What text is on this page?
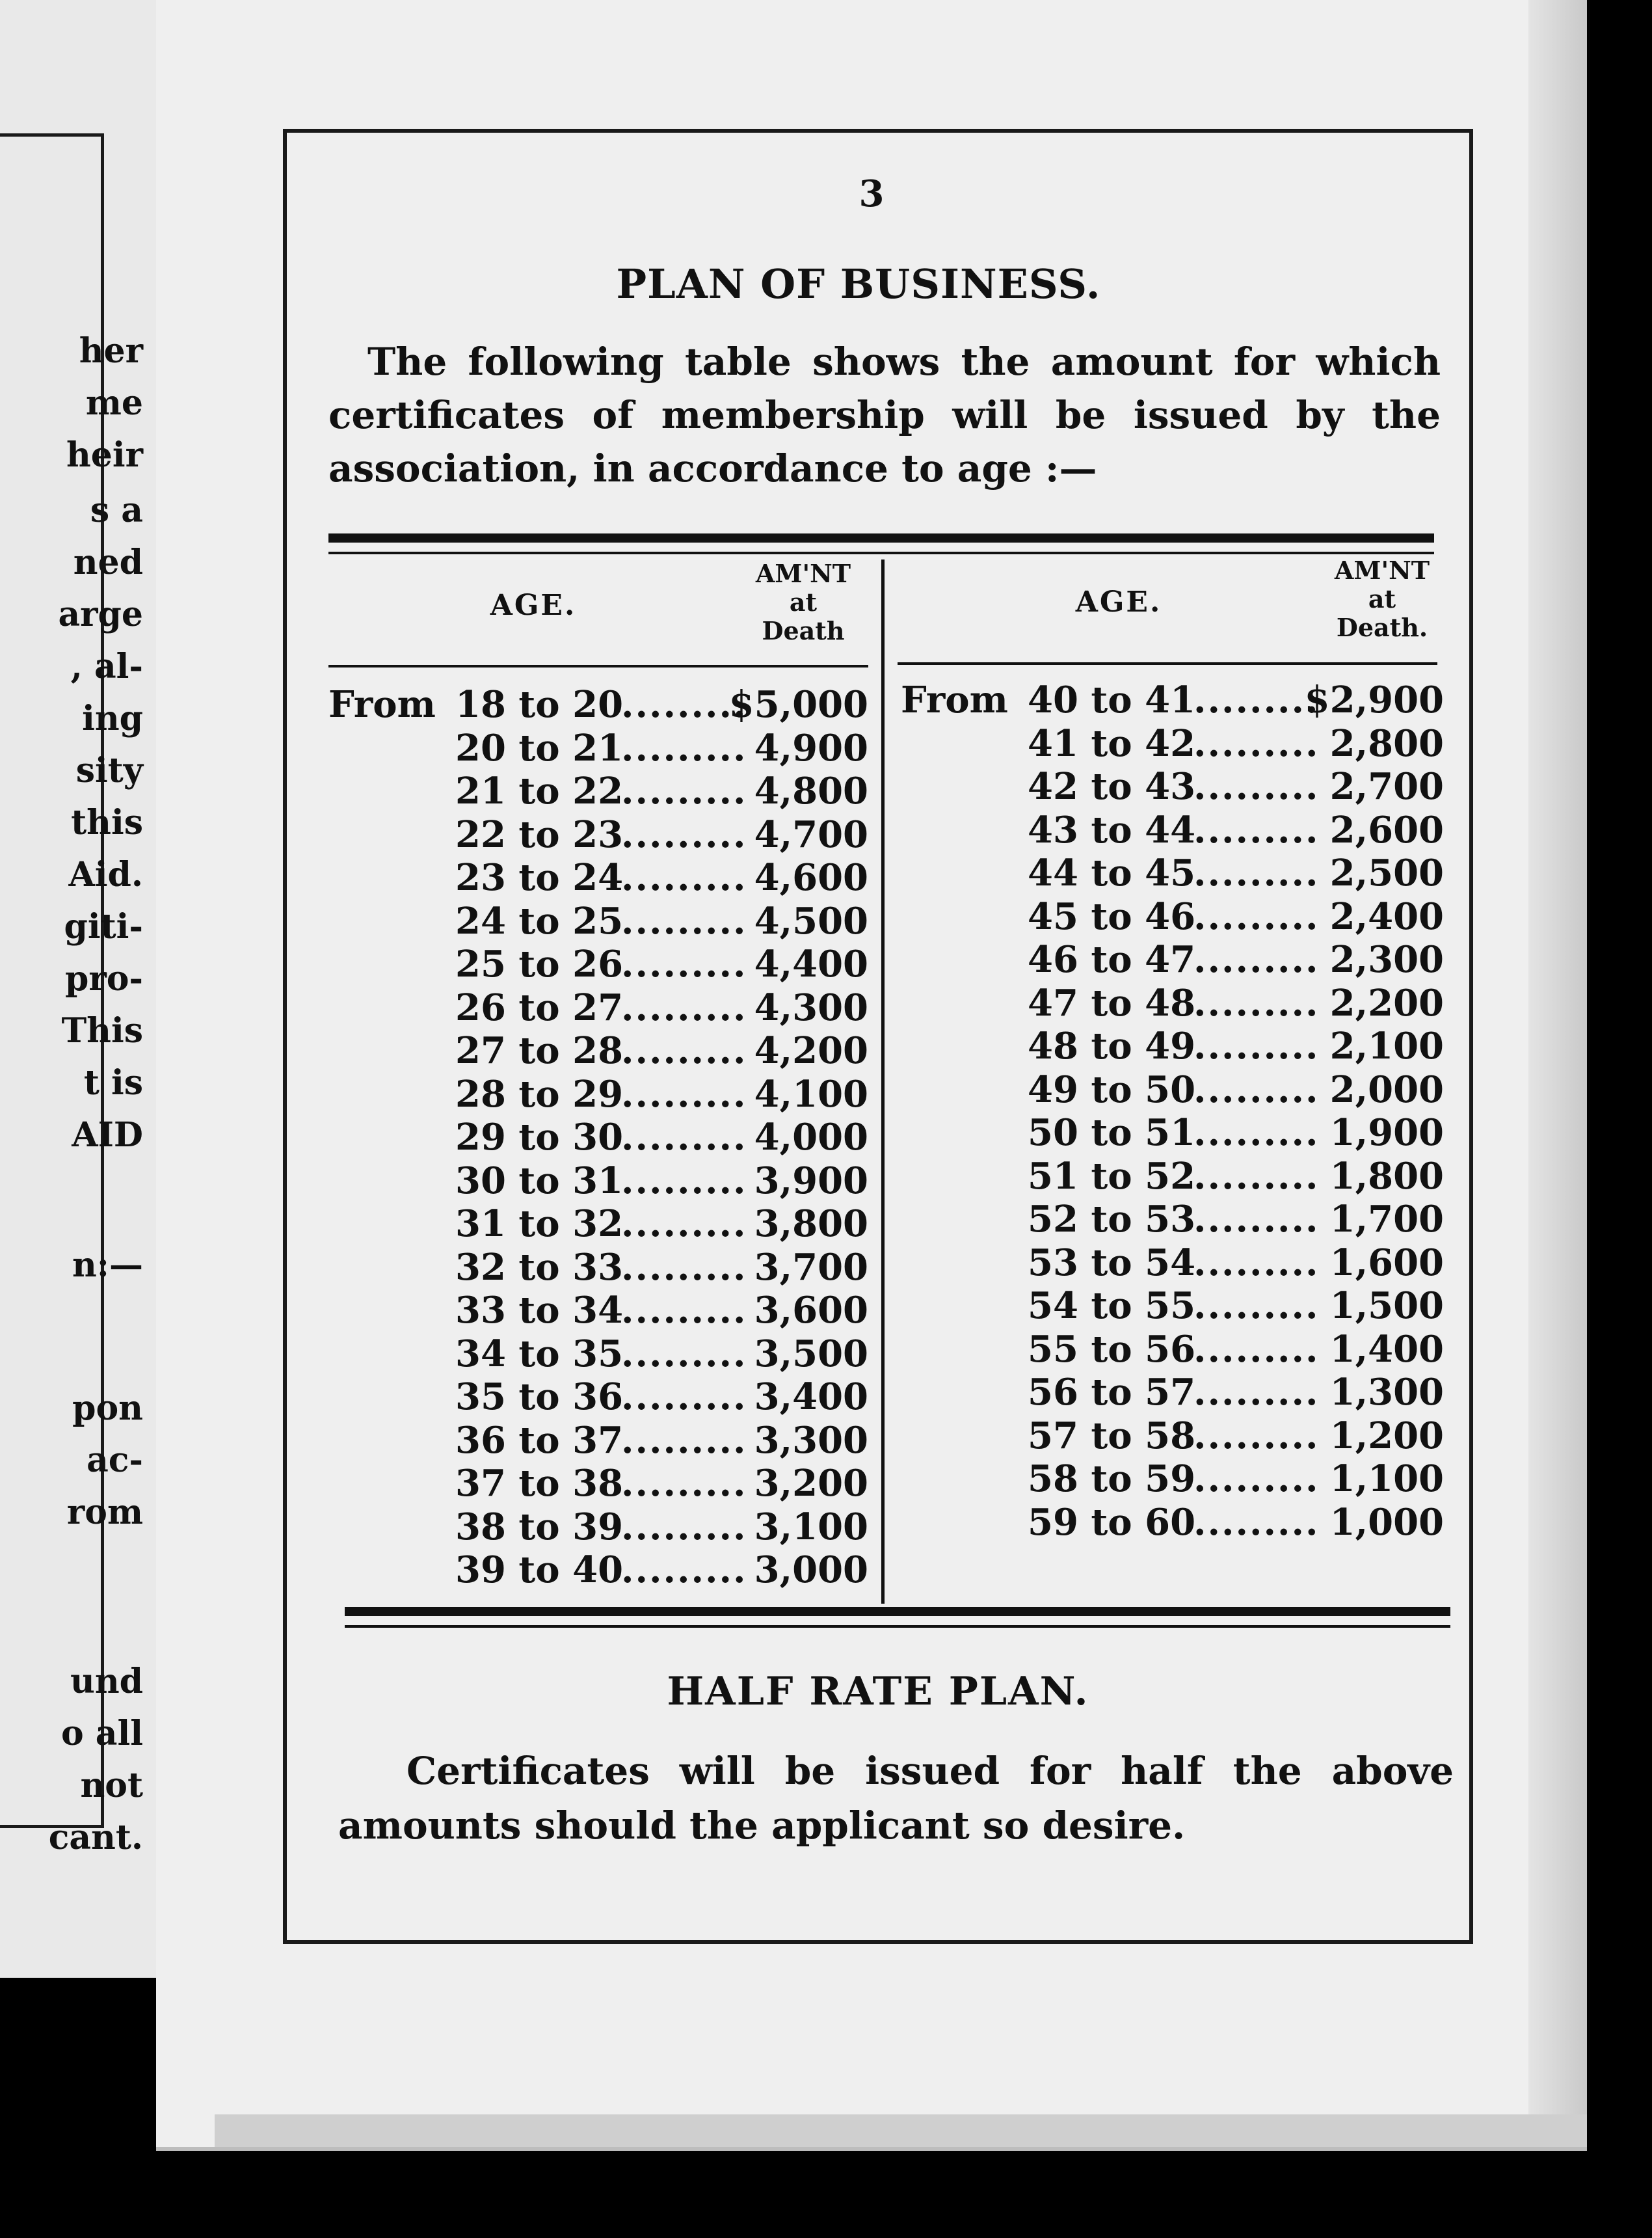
her
me
heir
s a
ned
arge
, al-
ing
sity
this
Aid.
giti-
pro-
This
t is
AID
n:—
pon
ac-
rom
und
o all
not
cant.
3
PLAN OF BUSINESS.
The following table shows the amount for which certificates of membership will be issued by the association, in accordance to age :—
AGE.
AM'NT
at
Death
AGE.
AM'NT
at
Death.
From 18 to 20
.........
$5,000
20 to 21
......... 4,900
21 to 22
......... 4,800
22 to 23
......... 4,700
23 to 24
......... 4,600
24 to 25
......... 4,500
25 to 26
......... 4,400
26 to 27
......... 4,300
27 to 28
......... 4,200
28 to 29
......... 4,100
29 to 30
......... 4,000
30 to 31
......... 3,900
31 to 32
......... 3,800
32 to 33
......... 3,700
33 to 34
......... 3,600
34 to 35
......... 3,500
35 to 36
......... 3,400
36 to 37
......... 3,300
37 to 38
......... 3,200
38 to 39
......... 3,100
39 to 40
......... 3,000
From 40 to 41
.........
$2,900
41 to 42
......... 2,800
42 to 43
......... 2,700
43 to 44
......... 2,600
44 to 45
......... 2,500
45 to 46
......... 2,400
46 to 47
......... 2,300
47 to 48
......... 2,200
48 to 49
......... 2,100
49 to 50
......... 2,000
50 to 51
......... 1,900
51 to 52
......... 1,800
52 to 53
......... 1,700
53 to 54
......... 1,600
54 to 55
......... 1,500
55 to 56
......... 1,400
56 to 57
......... 1,300
57 to 58
......... 1,200
58 to 59
......... 1,100
59 to 60
......... 1,000
HALF RATE PLAN.
Certificates will be issued for half the above amounts should the applicant so desire.
